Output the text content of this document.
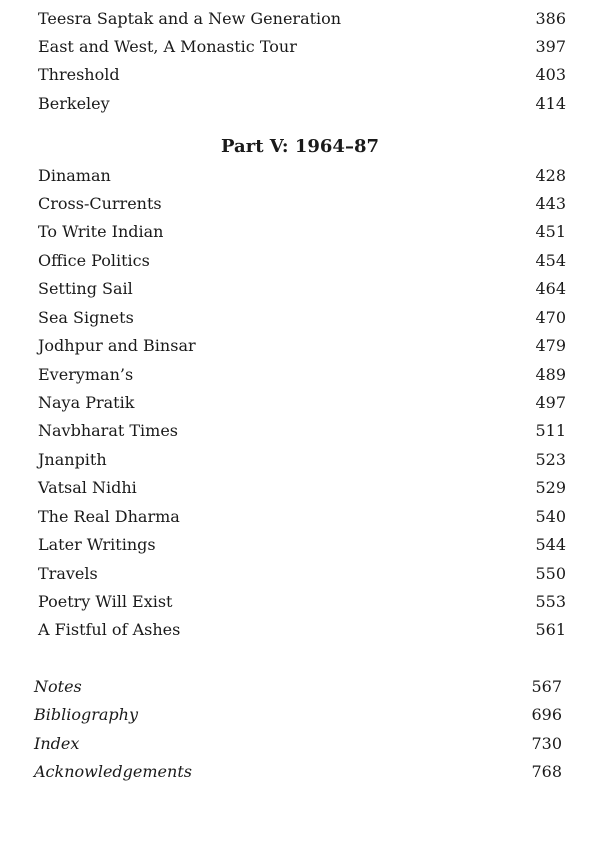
Teesra Saptak and a New Generation	386
East and West, A Monastic Tour	397
Threshold	403
Berkeley	414
Part V: 1964–87
Dinaman	428
Cross-Currents	443
To Write Indian	451
Office Politics	454
Setting Sail	464
Sea Signets	470
Jodhpur and Binsar	479
Everyman’s	489
Naya Pratik	497
Navbharat Times	511
Jnanpith	523
Vatsal Nidhi	529
The Real Dharma	540
Later Writings	544
Travels	550
Poetry Will Exist	553
A Fistful of Ashes	561
Notes	567
Bibliography	696
Index	730
Acknowledgements	768
